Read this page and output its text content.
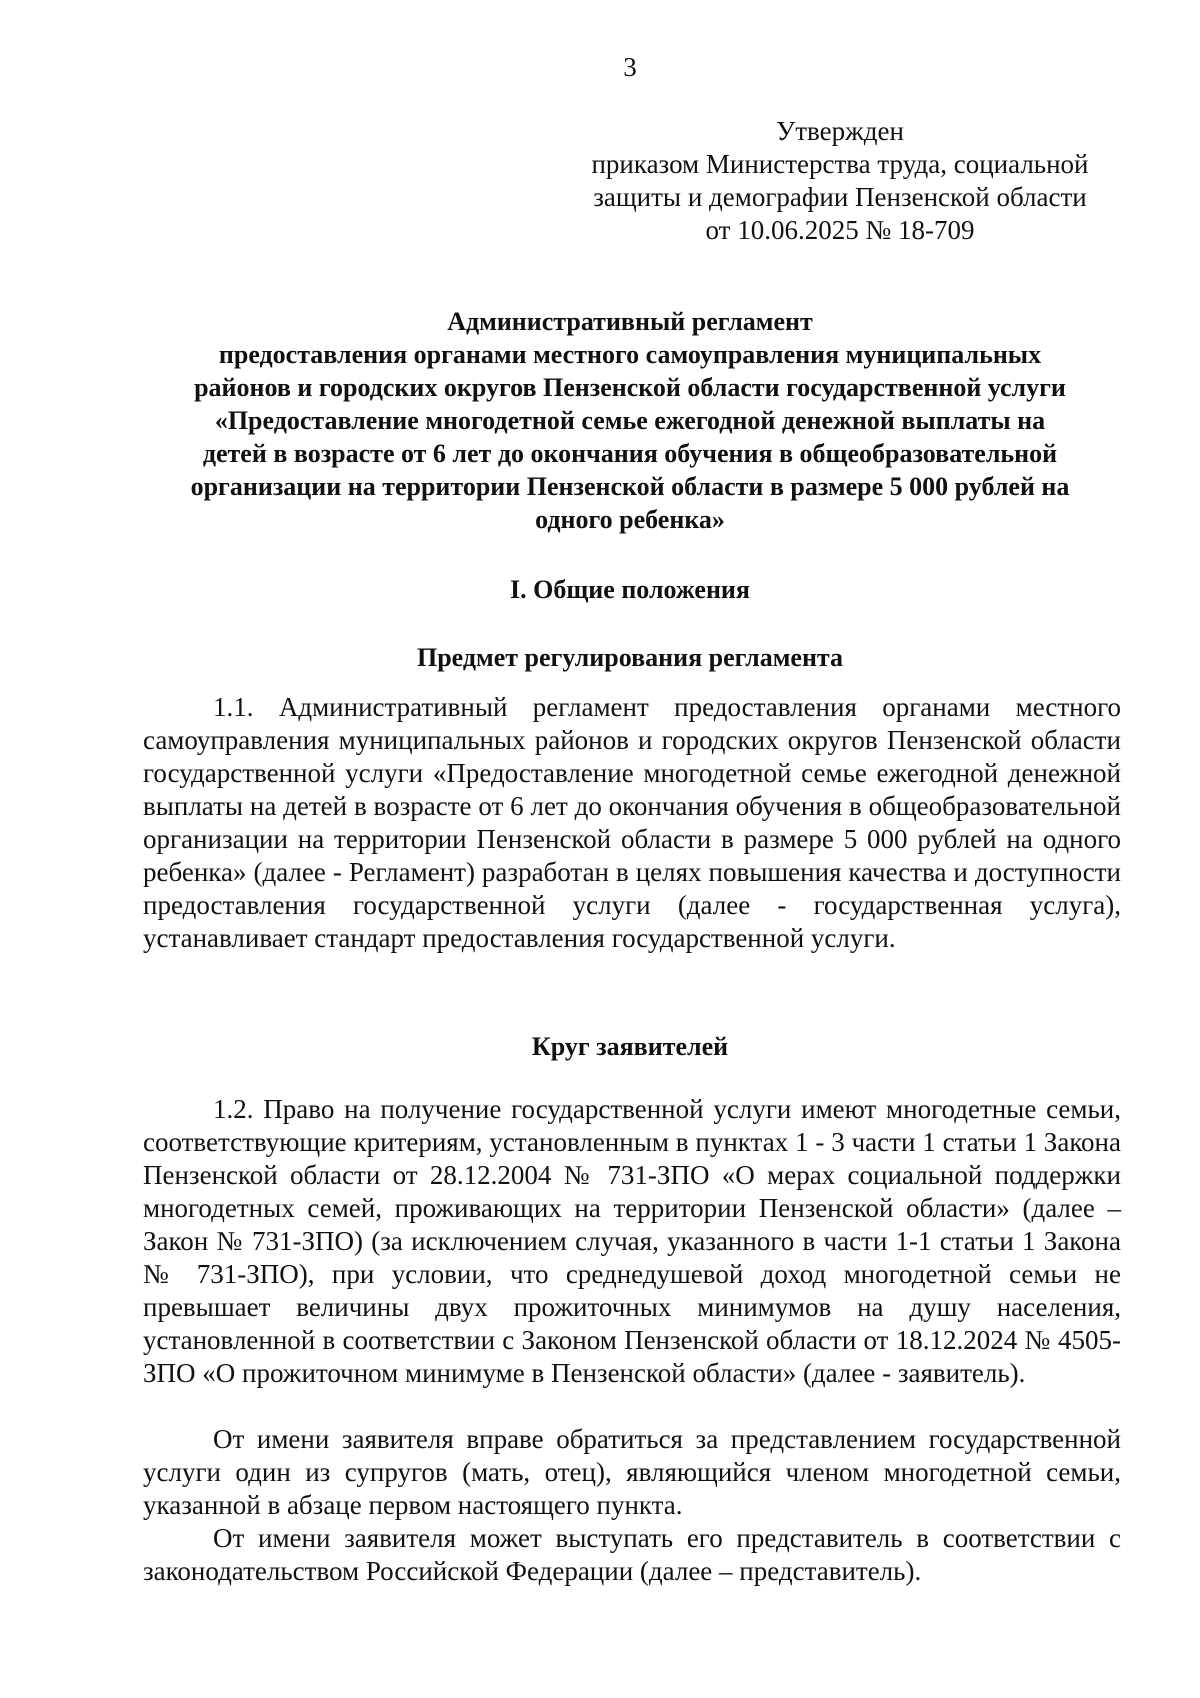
3
Утвержден
приказом Министерства труда, социальной
защиты и демографии Пензенской области
от 10.06.2025 № 18-709
Административный регламент
предоставления органами местного самоуправления муниципальных
районов и городских округов Пензенской области государственной услуги
«Предоставление многодетной семье ежегодной денежной выплаты на
детей в возрасте от 6 лет до окончания обучения в общеобразовательной
организации на территории Пензенской области в размере 5 000 рублей на
одного ребенка»
I. Общие положения
Предмет регулирования регламента

1.1. Административный регламент предоставления органами местного самоуправления муниципальных районов и городских округов Пензенской области государственной услуги «Предоставление многодетной семье ежегодной денежной выплаты на детей в возрасте от 6 лет до окончания обучения в общеобразовательной организации на территории Пензенской области в размере 5 000 рублей на одного ребенка» (далее - Регламент) разработан в целях повышения качества и доступности предоставления государственной услуги (далее - государственная услуга), устанавливает стандарт предоставления государственной услуги.

Круг заявителей

1.2. Право на получение государственной услуги имеют многодетные семьи, соответствующие критериям, установленным в пунктах 1 - 3 части 1 статьи 1 Закона Пензенской области от 28.12.2004 № 731-ЗПО «О мерах социальной поддержки многодетных семей, проживающих на территории Пензенской области» (далее – Закон № 731-ЗПО) (за исключением случая, указанного в части 1-1 статьи 1 Закона № 731-ЗПО), при условии, что среднедушевой доход многодетной семьи не превышает величины двух прожиточных минимумов на душу населения, установленной в соответствии с Законом Пензенской области от 18.12.2024 № 4505-ЗПО «О прожиточном минимуме в Пензенской области» (далее - заявитель).

От имени заявителя вправе обратиться за представлением государственной услуги один из супругов (мать, отец), являющийся членом многодетной семьи, указанной в абзаце первом настоящего пункта.

От имени заявителя может выступать его представитель в соответствии с законодательством Российской Федерации (далее – представитель).
